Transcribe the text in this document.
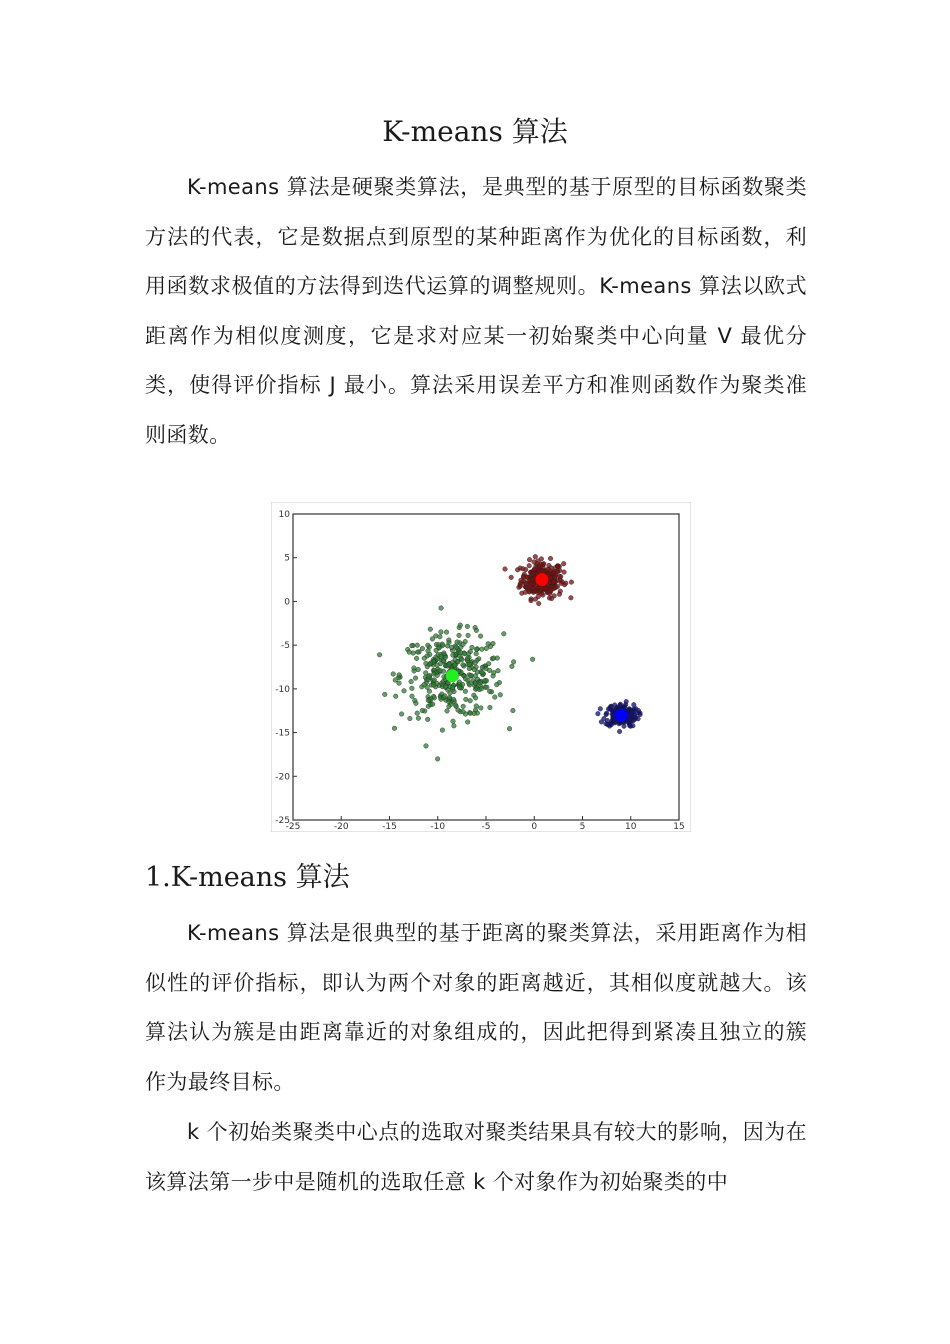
K-means 算法

K-means 算法是硬聚类算法，是典型的基于原型的目标函数聚类方法的代表，它是数据点到原型的某种距离作为优化的目标函数，利用函数求极值的方法得到迭代运算的调整规则。K-means 算法以欧式距离作为相似度测度，它是求对应某一初始聚类中心向量 V 最优分类，使得评价指标 J 最小。算法采用误差平方和准则函数作为聚类准则函数。

-25	-20	-15	-10	-5	0	5	10	15
10
5
0
-5
-10
-15
-20
-25
1.K-means 算法

K-means 算法是很典型的基于距离的聚类算法，采用距离作为相似性的评价指标，即认为两个对象的距离越近，其相似度就越大。该算法认为簇是由距离靠近的对象组成的，因此把得到紧凑且独立的簇作为最终目标。

k 个初始类聚类中心点的选取对聚类结果具有较大的影响，因为在该算法第一步中是随机的选取任意 k 个对象作为初始聚类的中
